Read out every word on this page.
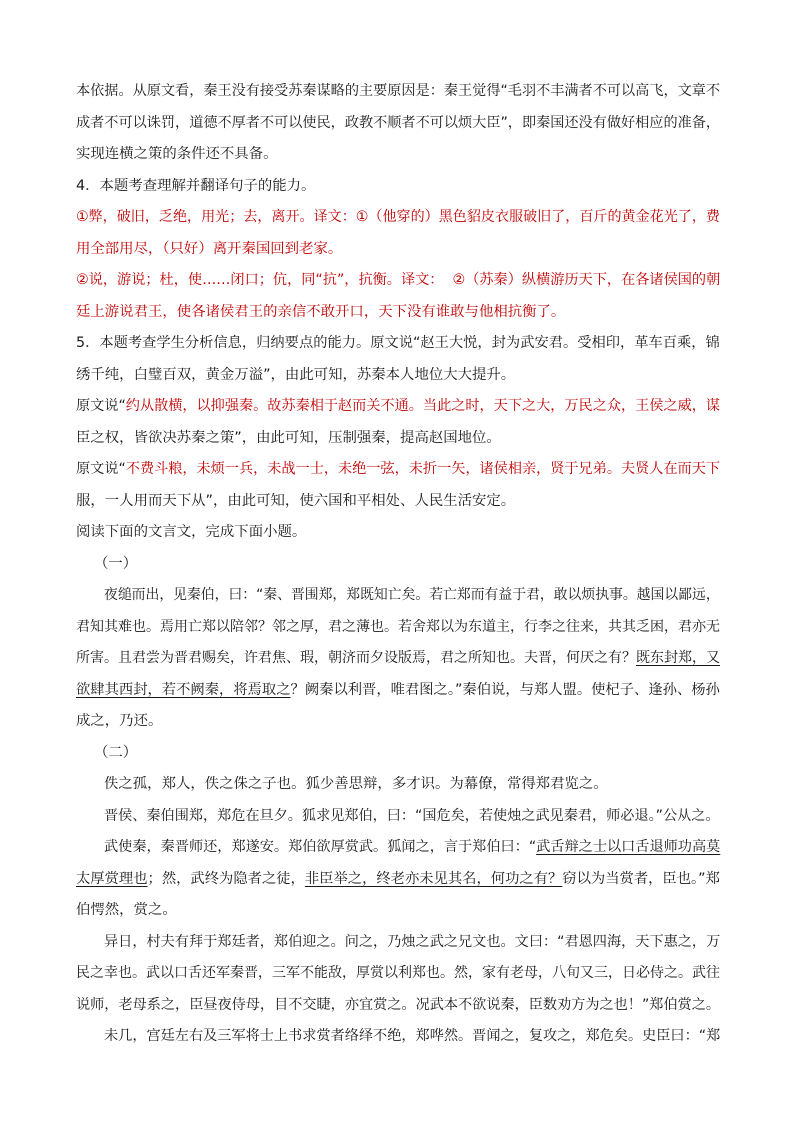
本依据。从原文看，秦王没有接受苏秦谋略的主要原因是：秦王觉得“毛羽不丰满者不可以高飞，文章不
成者不可以诛罚，道德不厚者不可以使民，政教不顺者不可以烦大臣”，即秦国还没有做好相应的准备，
实现连横之策的条件还不具备。
4．本题考查理解并翻译句子的能力。
①弊，破旧，乏绝，用光；去，离开。译文：①（他穿的）黑色貂皮衣服破旧了，百斤的黄金花光了，费
用全部用尽，（只好）离开秦国回到老家。
②说，游说；杜，使……闭口；伉，同“抗”，抗衡。译文：  ②（苏秦）纵横游历天下，在各诸侯国的朝
廷上游说君王，使各诸侯君王的亲信不敢开口，天下没有谁敢与他相抗衡了。
5．本题考查学生分析信息，归纳要点的能力。原文说“赵王大悦，封为武安君。受相印，革车百乘，锦
绣千纯，白璧百双，黄金万溢”，由此可知，苏秦本人地位大大提升。
原文说“约从散横，以抑强秦。故苏秦相于赵而关不通。当此之时，天下之大，万民之众，王侯之威，谋
臣之权，皆欲决苏秦之策”，由此可知，压制强秦，提高赵国地位。
原文说“不费斗粮，未烦一兵，未战一士，未绝一弦，未折一矢，诸侯相亲，贤于兄弟。夫贤人在而天下
服，一人用而天下从”，由此可知，使六国和平相处、人民生活安定。
阅读下面的文言文，完成下面小题。
（一）
夜缒而出，见秦伯，曰：“秦、晋围郑，郑既知亡矣。若亡郑而有益于君，敢以烦执事。越国以鄙远，
君知其难也。焉用亡郑以陪邻？邻之厚，君之薄也。若舍郑以为东道主，行李之往来，共其乏困，君亦无
所害。且君尝为晋君赐矣，许君焦、瑕，朝济而夕设版焉，君之所知也。夫晋，何厌之有？既东封郑，又
欲肆其西封，若不阙秦，将焉取之？阙秦以利晋，唯君图之。”秦伯说，与郑人盟。使杞子、逢孙、杨孙
成之，乃还。
（二）
佚之孤，郑人，佚之侏之子也。狐少善思辩，多才识。为幕僚，常得郑君览之。
晋侯、秦伯围郑，郑危在旦夕。狐求见郑伯，曰：“国危矣，若使烛之武见秦君，师必退。”公从之。
武使秦，秦晋师还，郑遂安。郑伯欲厚赏武。狐闻之，言于郑伯曰：“武舌辩之士以口舌退师功高莫
太厚赏理也；然，武终为隐者之徒，非臣举之，终老亦未见其名，何功之有？窃以为当赏者，臣也。”郑
伯愕然，赏之。
异日，村夫有拜于郑廷者，郑伯迎之。问之，乃烛之武之兄文也。文曰：“君恩四海，天下惠之，万
民之幸也。武以口舌还军秦晋，三军不能敌，厚赏以利郑也。然，家有老母，八旬又三，日必侍之。武往
说师，老母系之，臣昼夜侍母，目不交睫，亦宜赏之。况武本不欲说秦，臣数劝方为之也！”郑伯赏之。
未几，宫廷左右及三军将士上书求赏者络绎不绝，郑哗然。晋闻之，复攻之，郑危矣。史臣曰：“郑
